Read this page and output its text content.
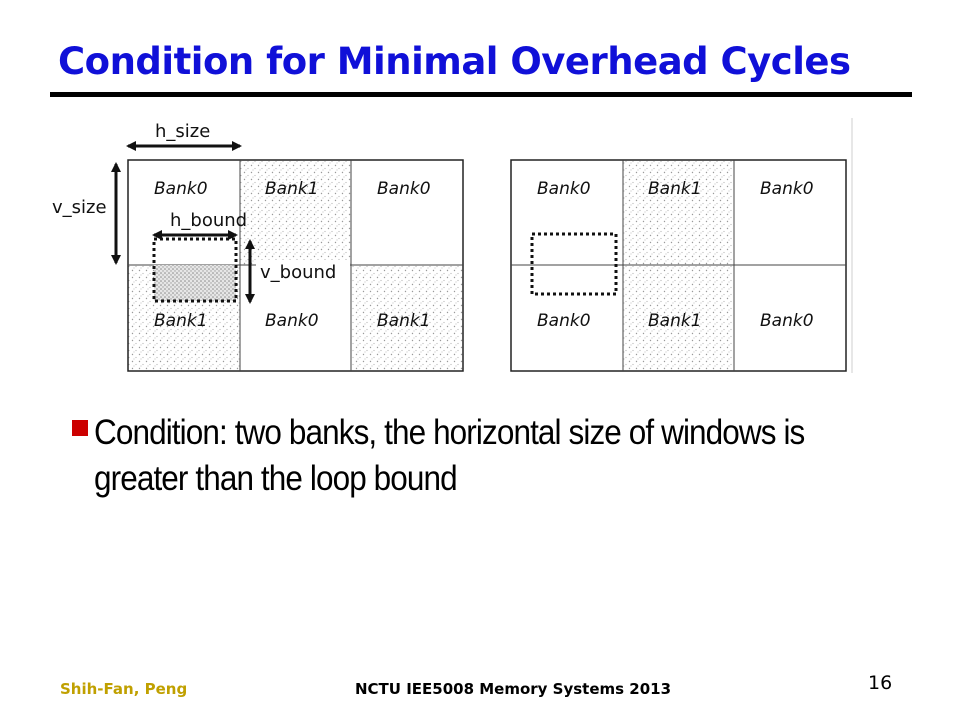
Condition for Minimal Overhead Cycles
Bank0	Bank1	Bank0
Bank1	Bank0	Bank1
h_size
v_size
h_bound
v_bound
Bank0	Bank1	Bank0
Bank0	Bank1	Bank0
Condition: two banks, the horizontal size of windows is greater than the loop bound
Shih-Fan, Peng	NCTU IEE5008 Memory Systems 2013	16
